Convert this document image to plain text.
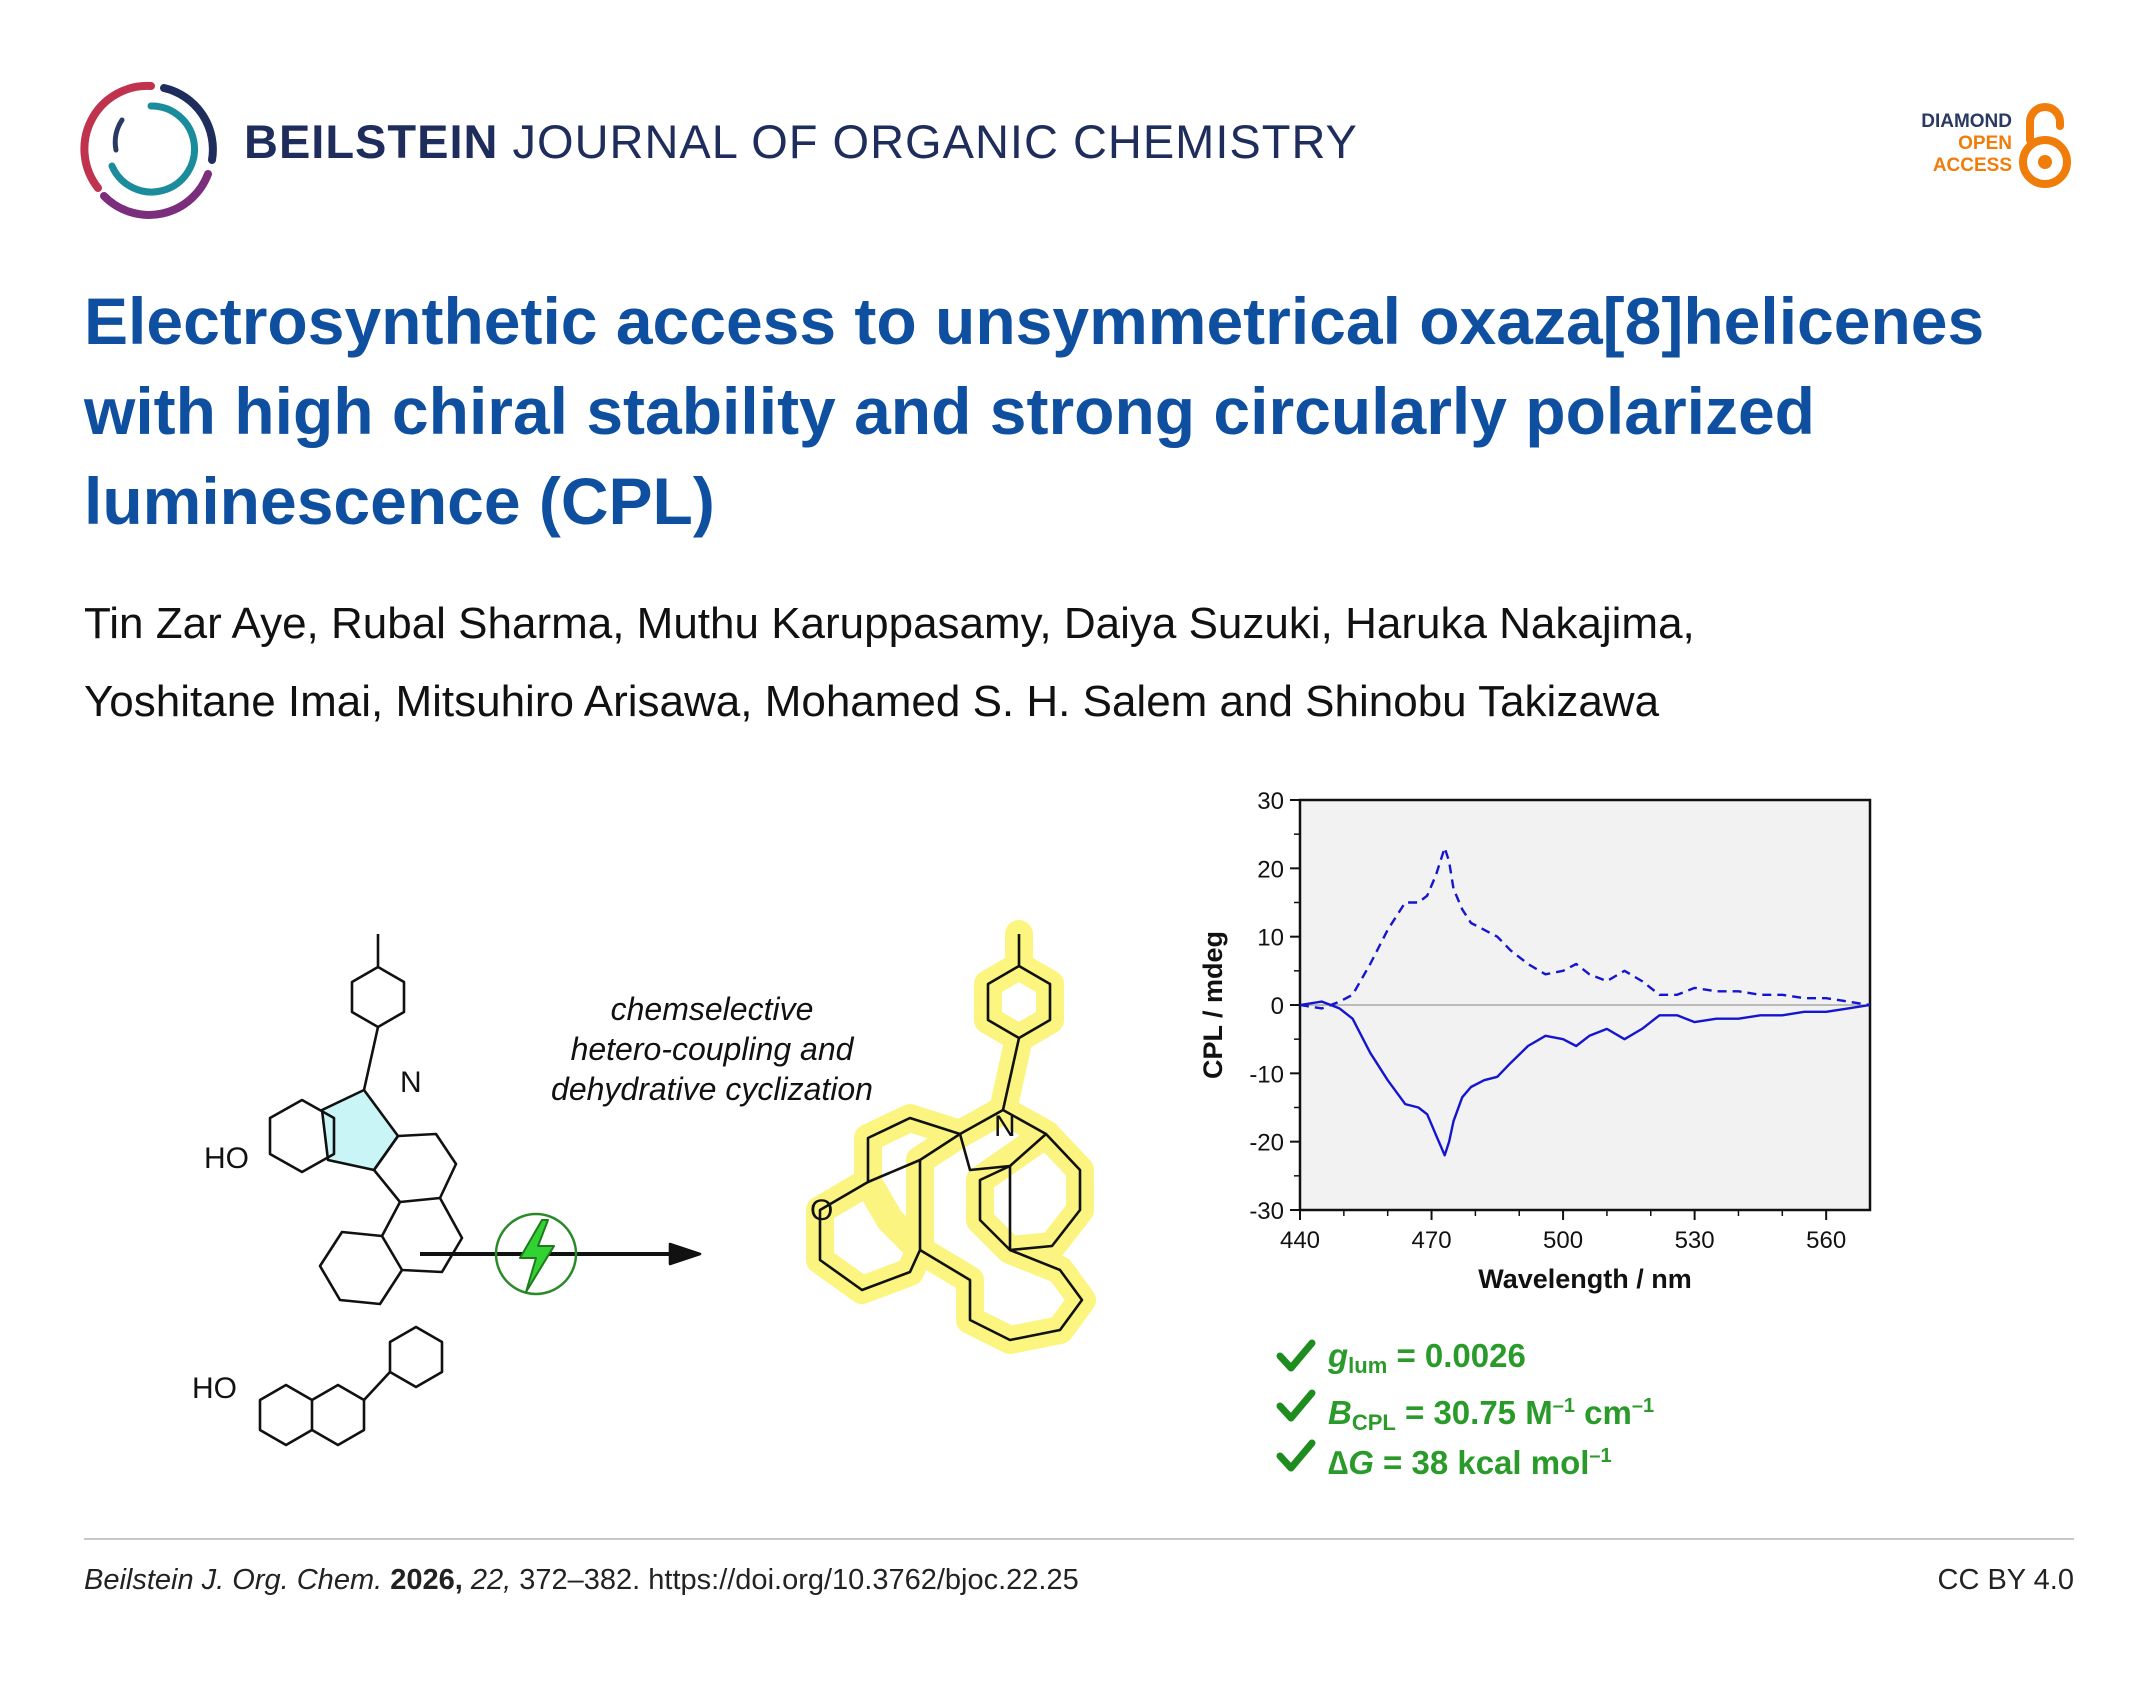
BEILSTEIN JOURNAL OF ORGANIC CHEMISTRY	DIAMOND
OPEN
ACCESS
Electrosynthetic access to unsymmetrical oxaza[8]helicenes with high chiral stability and strong circularly polarized luminescence (CPL)
Tin Zar Aye, Rubal Sharma, Muthu Karuppasamy, Daiya Suzuki, Haruka Nakajima,
Yoshitane Imai, Mitsuhiro Arisawa, Mohamed S. H. Salem and Shinobu Takizawa
N
HO
HO
N
O
chemselective
hetero-coupling and
dehydrative cyclization
30
20
10
0
-10
-20
-30
440	470	500	530	560
Wavelength / nm
CPL / mdeg
$g_{lum} = 0.0026$
$B_{CPL} = 30.75$ $M^{-1}$ $cm^{-1}$
∆G = 38 kcal mol$^{-1}$
Beilstein J. Org. Chem. 2026, 22, 372–382. https://doi.org/10.3762/bjoc.22.25	CC BY 4.0
